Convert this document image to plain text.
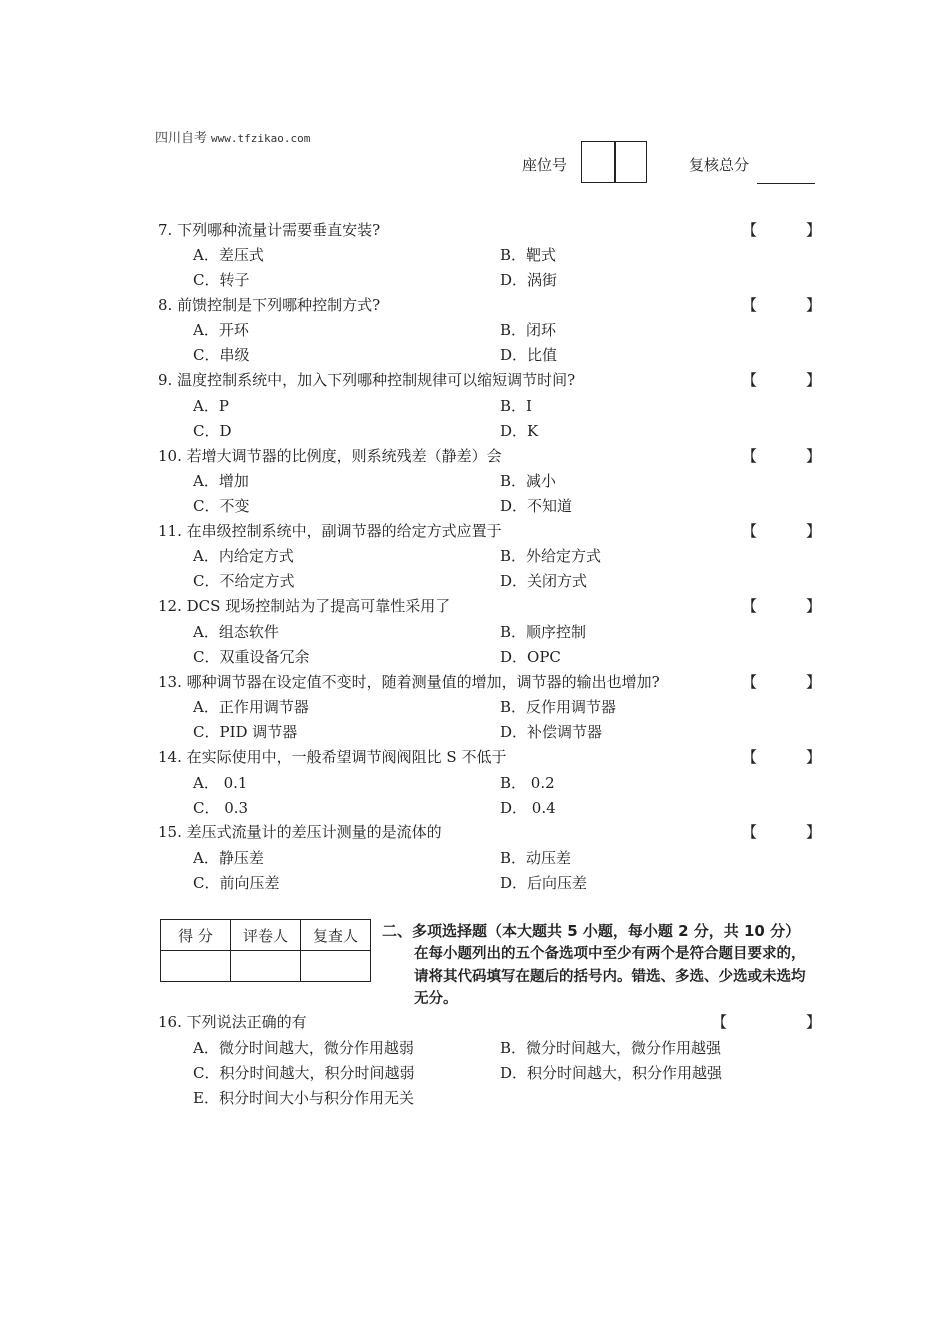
四川自考 www.tfzikao.com
座位号	复核总分
7. 下列哪种流量计需要垂直安装?	【	】
A．差压式	B．靶式
C．转子	D．涡街
8. 前馈控制是下列哪种控制方式?	【	】
A．开环	B．闭环
C．串级	D．比值
9. 温度控制系统中，加入下列哪种控制规律可以缩短调节时间?	【	】
A．P	B．I
C．D	D．K
10. 若增大调节器的比例度，则系统残差（静差）会	【	】
A．增加	B．减小
C．不变	D．不知道
11. 在串级控制系统中，副调节器的给定方式应置于	【	】
A．内给定方式	B．外给定方式
C．不给定方式	D．关闭方式
12. DCS 现场控制站为了提高可靠性采用了	【	】
A．组态软件	B．顺序控制
C．双重设备冗余	D．OPC
13. 哪种调节器在设定值不变时，随着测量值的增加，调节器的输出也增加?	【	】
A．正作用调节器	B．反作用调节器
C．PID 调节器	D．补偿调节器
14. 在实际使用中，一般希望调节阀阀阻比 S 不低于	【	】
A． 0.1	B． 0.2
C． 0.3	D． 0.4
15. 差压式流量计的差压计测量的是流体的	【	】
A．静压差	B．动压差
C．前向压差	D．后向压差
得 分	评卷人	复查人
		二、多项选择题（本大题共 5 小题，每小题 2 分，共 10 分）
在每小题列出的五个备选项中至少有两个是符合题目要求的，请将其代码填写在题后的括号内。错选、多选、少选或未选均无分。
16. 下列说法正确的有	【	】
A．微分时间越大，微分作用越弱	B．微分时间越大，微分作用越强
C．积分时间越大，积分时间越弱	D．积分时间越大，积分作用越强
E．积分时间大小与积分作用无关
